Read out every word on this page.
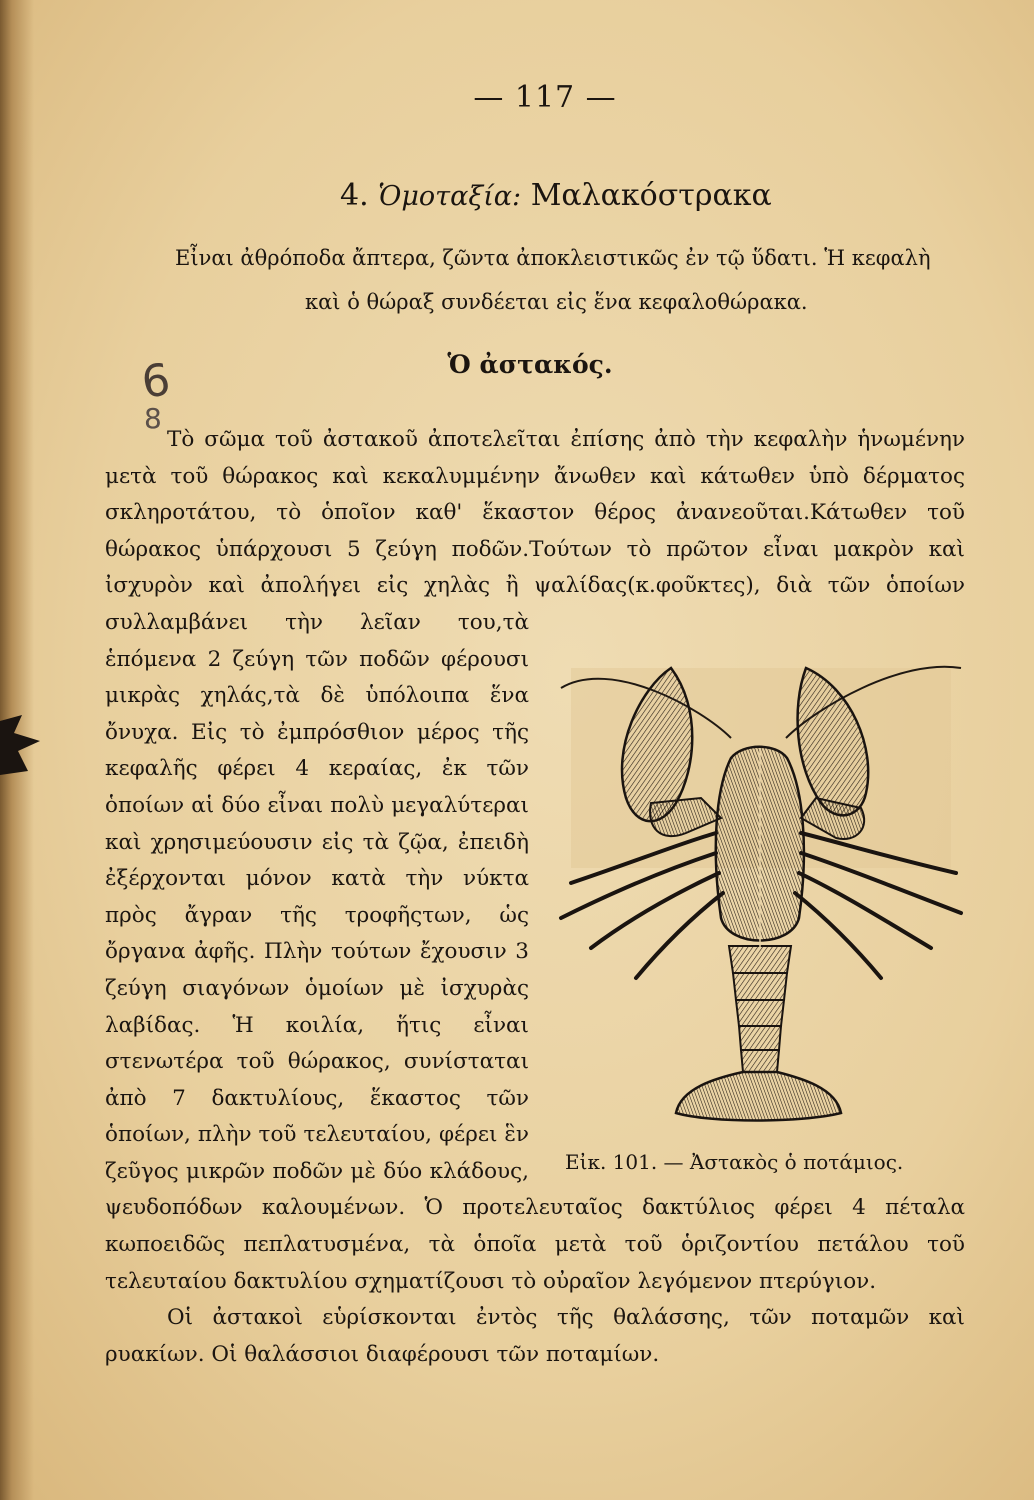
— 117 —
4. Ὁμοταξία: Μαλακόστρακα

Εἶναι ἀθρόποδα ἄπτερα, ζῶντα ἀποκλειστικῶς ἐν τῷ ὕδατι. Ἡ κεφαλὴ

καὶ ὁ θώραξ συνδέεται εἰς ἕνα κεφαλοθώρακα.

6
8
Ὁ ἀστακός.

Τὸ σῶμα τοῦ ἀστακοῦ ἀποτελεῖται ἐπίσης ἀπὸ τὴν κεφαλὴν ἡνωμένην μετὰ τοῦ θώρακος καὶ κεκαλυμμένην ἄνωθεν καὶ κάτωθεν ὑπὸ δέρματος σκληροτάτου, τὸ ὁποῖον καθ' ἕκαστον θέρος ἀνανεοῦται.Κάτωθεν τοῦ θώρακος ὑπάρχουσι 5 ζεύγη ποδῶν.Τούτων τὸ πρῶτον εἶναι μακρὸν καὶ ἰσχυρὸν καὶ ἀπολήγει εἰς χηλὰς ἢ ψαλίδας(κ.φοῦκτες), διὰ τῶν ὁποίων συλλαμβάνει τὴν λεῖαν του,τὰ ἑπόμενα 2 ζεύγη τῶν ποδῶν φέρουσι μικρὰς χηλάς,τὰ δὲ ὑπόλοιπα ἕνα ὄνυχα. Εἰς τὸ ἐμπρόσθιον μέρος τῆς κεφαλῆς φέρει 4 κεραίας, ἐκ τῶν ὁποίων αἱ δύο εἶναι πολὺ μεγαλύτεραι καὶ χρησιμεύουσιν εἰς τὰ ζῷα, ἐπειδὴ ἐξέρχονται μόνον κατὰ τὴν νύκτα πρὸς ἄγραν τῆς τροφῆςτων, ὡς ὄργανα ἀφῆς. Πλὴν τούτων ἔχουσιν 3 ζεύγη σιαγόνων ὁμοίων μὲ ἰσχυρὰς λαβίδας. Ἡ κοιλία, ἥτις εἶναι στενωτέρα τοῦ θώρακος, συνίσταται ἀπὸ 7 δακτυλίους, ἕκαστος τῶν ὁποίων, πλὴν τοῦ τελευταίου, φέρει ἓν ζεῦγος μικρῶν ποδῶν μὲ δύο κλάδους, ψευδοπόδων καλουμένων. Ὁ προτελευταῖος δακτύλιος φέρει 4 πέταλα κωποειδῶς πεπλατυσμένα, τὰ ὁποῖα μετὰ τοῦ ὁριζοντίου πετάλου τοῦ τελευταίου δακτυλίου σχηματίζουσι τὸ οὐραῖον λεγόμενον πτερύγιον.

Οἱ ἀστακοὶ εὑρίσκονται ἐντὸς τῆς θαλάσσης, τῶν ποταμῶν καὶ ρυακίων. Οἱ θαλάσσιοι διαφέρουσι τῶν ποταμίων.

Εἰκ. 101. — Ἀστακὸς ὁ ποτάμιος.
